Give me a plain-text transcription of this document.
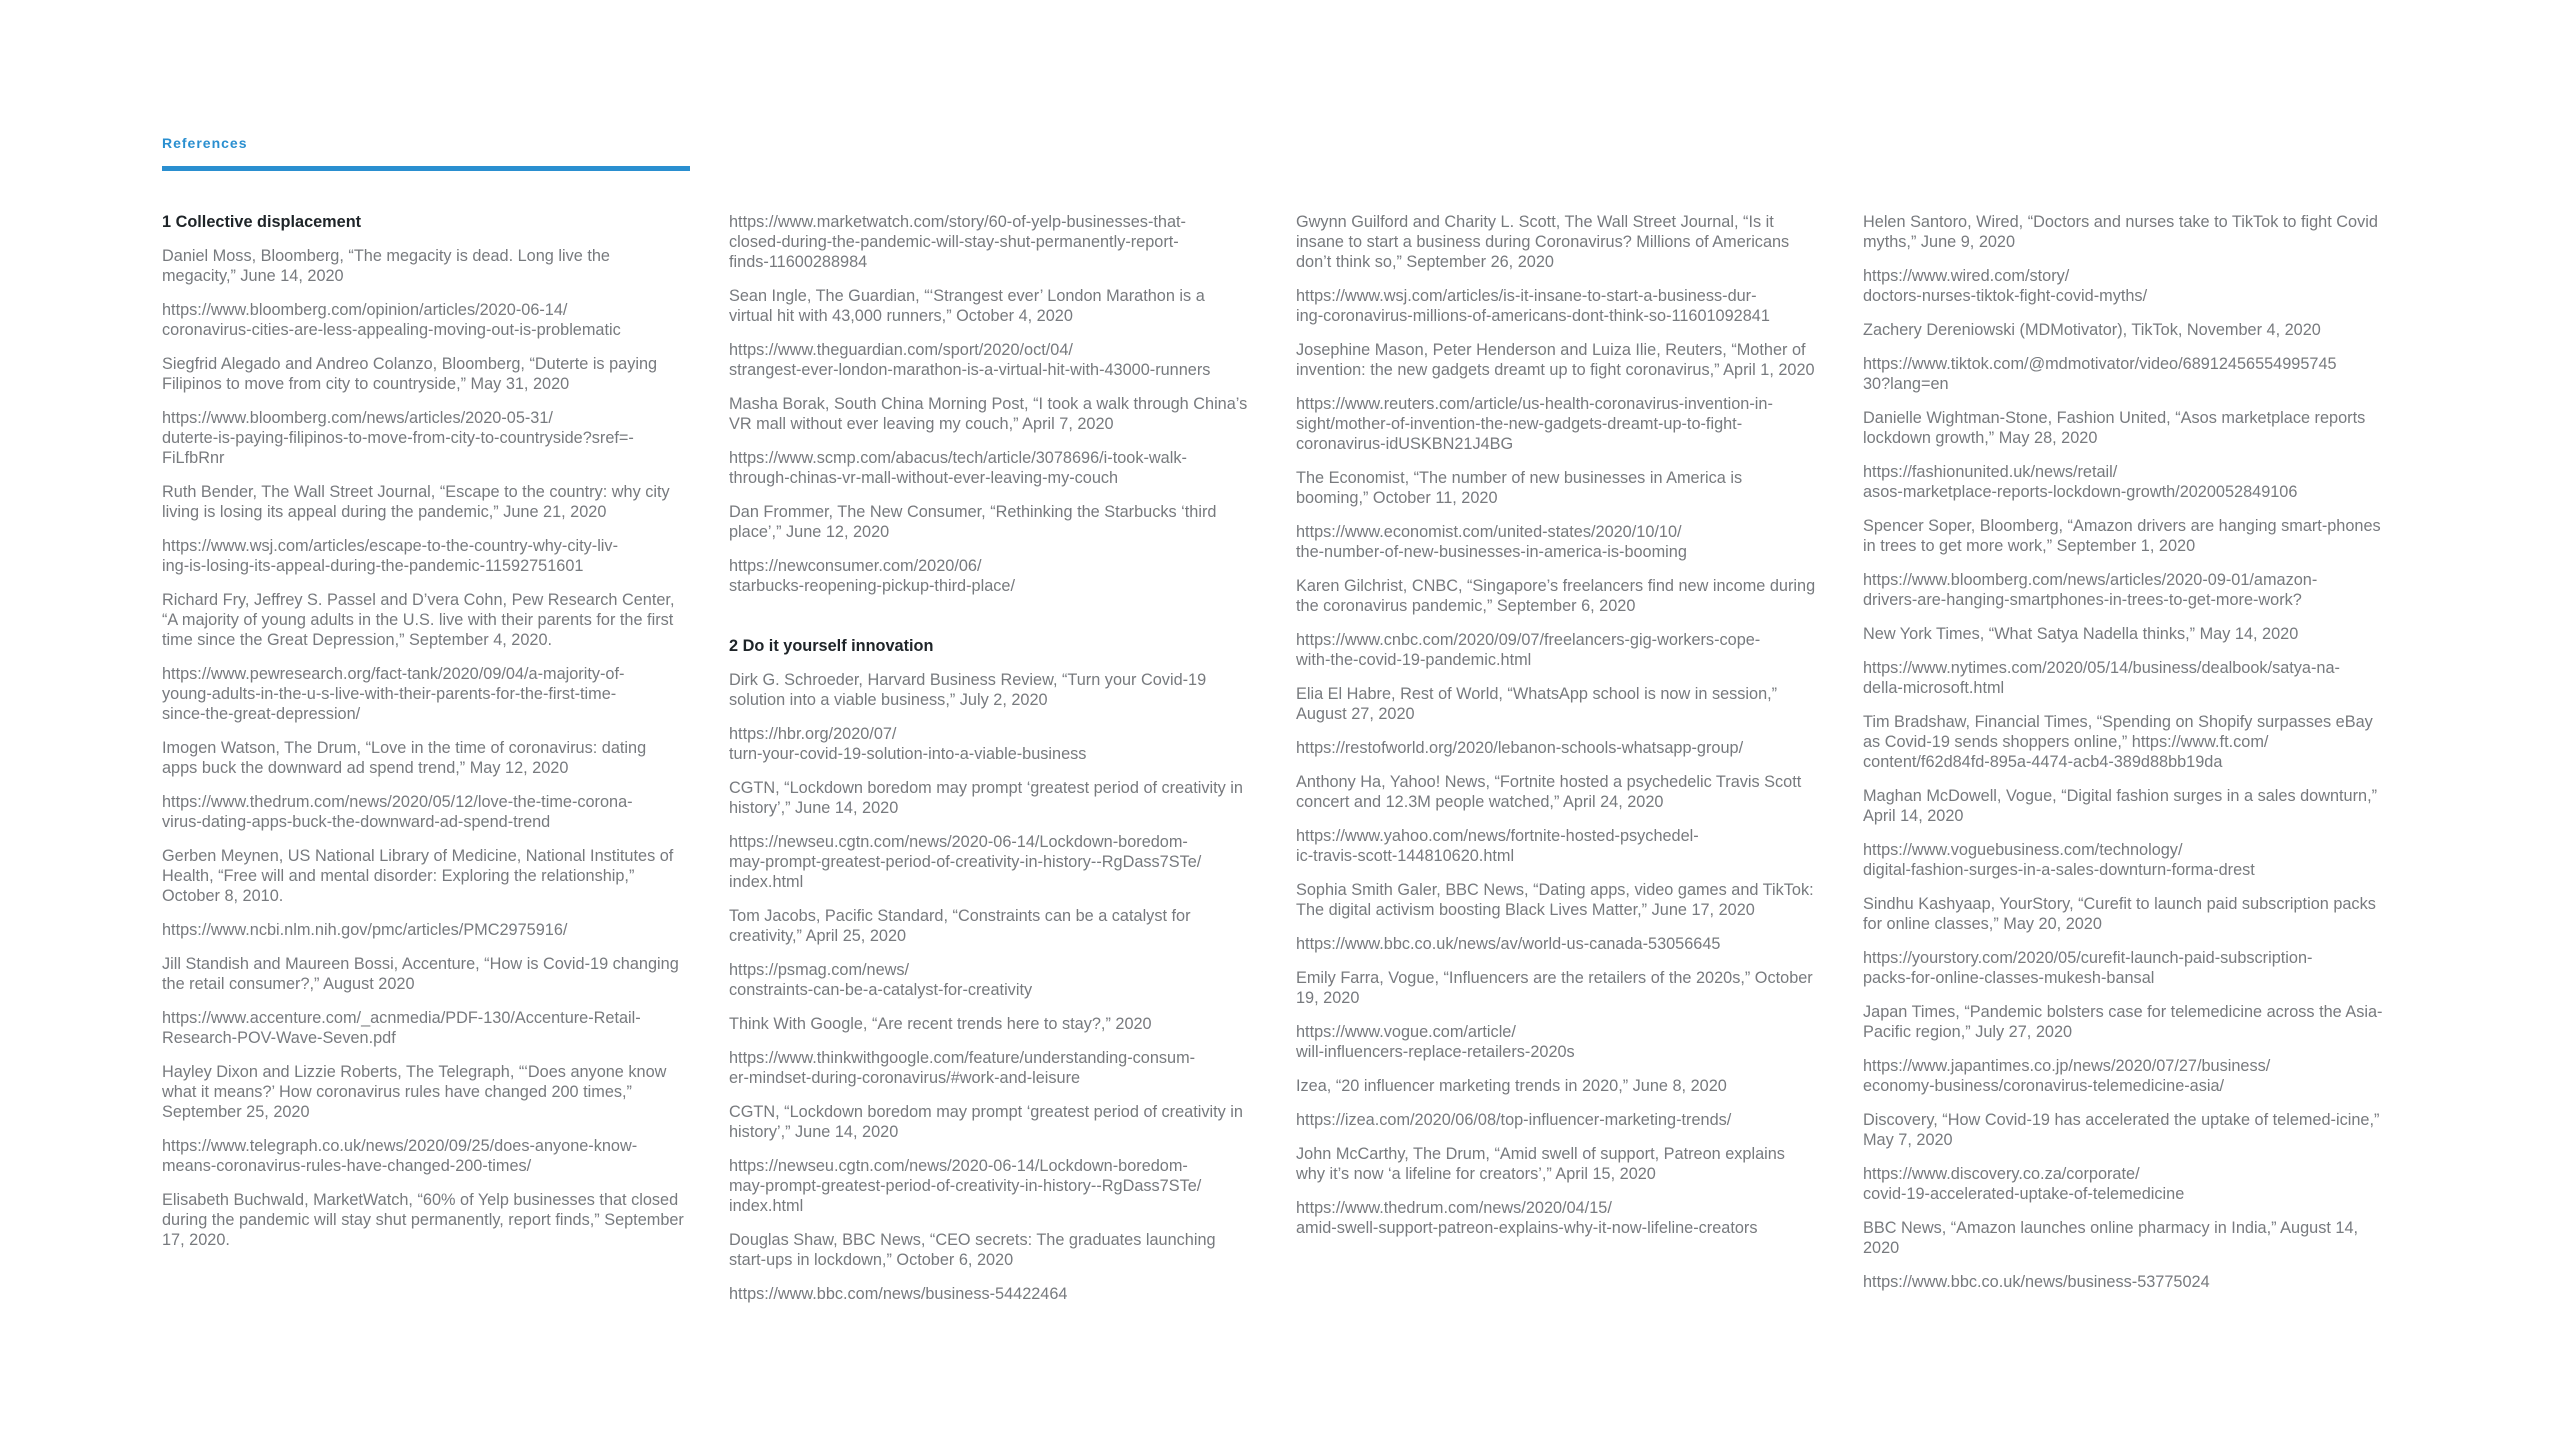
References
1 Collective displacement

Daniel Moss, Bloomberg, “The megacity is dead. Long live the megacity,” June 14, 2020

https://www.bloomberg.com/opinion/articles/2020-06-14/
coronavirus-cities-are-less-appealing-moving-out-is-problematic

Siegfrid Alegado and Andreo Colanzo, Bloomberg, “Duterte is paying Filipinos to move from city to countryside,” May 31, 2020

https://www.bloomberg.com/news/articles/2020-05-31/
duterte-is-paying-filipinos-to-move-from-city-to-countryside?sref=-
FiLfbRnr

Ruth Bender, The Wall Street Journal, “Escape to the country: why city living is losing its appeal during the pandemic,” June 21, 2020

https://www.wsj.com/articles/escape-to-the-country-why-city-liv-
ing-is-losing-its-appeal-during-the-pandemic-11592751601

Richard Fry, Jeffrey S. Passel and D’vera Cohn, Pew Research Center, “A majority of young adults in the U.S. live with their parents for the first time since the Great Depression,” September 4, 2020.

https://www.pewresearch.org/fact-tank/2020/09/04/a-majority-of-
young-adults-in-the-u-s-live-with-their-parents-for-the-first-time-
since-the-great-depression/

Imogen Watson, The Drum, “Love in the time of coronavirus: dating apps buck the downward ad spend trend,” May 12, 2020

https://www.thedrum.com/news/2020/05/12/love-the-time-corona-
virus-dating-apps-buck-the-downward-ad-spend-trend

Gerben Meynen, US National Library of Medicine, National Institutes of Health, “Free will and mental disorder: Exploring the relationship,” October 8, 2010.

https://www.ncbi.nlm.nih.gov/pmc/articles/PMC2975916/

Jill Standish and Maureen Bossi, Accenture, “How is Covid-19 changing the retail consumer?,” August 2020

https://www.accenture.com/_acnmedia/PDF-130/Accenture-Retail-
Research-POV-Wave-Seven.pdf

Hayley Dixon and Lizzie Roberts, The Telegraph, “‘Does anyone know what it means?’ How coronavirus rules have changed 200 times,” September 25, 2020

https://www.telegraph.co.uk/news/2020/09/25/does-anyone-know-
means-coronavirus-rules-have-changed-200-times/

Elisabeth Buchwald, MarketWatch, “60% of Yelp businesses that closed during the pandemic will stay shut permanently, report finds,” September 17, 2020.

https://www.marketwatch.com/story/60-of-yelp-businesses-that-
closed-during-the-pandemic-will-stay-shut-permanently-report-
finds-11600288984

Sean Ingle, The Guardian, “‘Strangest ever’ London Marathon is a virtual hit with 43,000 runners,” October 4, 2020

https://www.theguardian.com/sport/2020/oct/04/
strangest-ever-london-marathon-is-a-virtual-hit-with-43000-runners

Masha Borak, South China Morning Post, “I took a walk through China’s VR mall without ever leaving my couch,” April 7, 2020

https://www.scmp.com/abacus/tech/article/3078696/i-took-walk-
through-chinas-vr-mall-without-ever-leaving-my-couch

Dan Frommer, The New Consumer, “Rethinking the Starbucks ‘third place’,” June 12, 2020

https://newconsumer.com/2020/06/
starbucks-reopening-pickup-third-place/

2 Do it yourself innovation

Dirk G. Schroeder, Harvard Business Review, “Turn your Covid-19 solution into a viable business,” July 2, 2020

https://hbr.org/2020/07/
turn-your-covid-19-solution-into-a-viable-business

CGTN, “Lockdown boredom may prompt ‘greatest period of creativity in history’,” June 14, 2020

https://newseu.cgtn.com/news/2020-06-14/Lockdown-boredom-
may-prompt-greatest-period-of-creativity-in-history--RgDass7STe/
index.html

Tom Jacobs, Pacific Standard, “Constraints can be a catalyst for creativity,” April 25, 2020

https://psmag.com/news/
constraints-can-be-a-catalyst-for-creativity

Think With Google, “Are recent trends here to stay?,” 2020

https://www.thinkwithgoogle.com/feature/understanding-consum-
er-mindset-during-coronavirus/#work-and-leisure

CGTN, “Lockdown boredom may prompt ‘greatest period of creativity in history’,” June 14, 2020

https://newseu.cgtn.com/news/2020-06-14/Lockdown-boredom-
may-prompt-greatest-period-of-creativity-in-history--RgDass7STe/
index.html

Douglas Shaw, BBC News, “CEO secrets: The graduates launching start-ups in lockdown,” October 6, 2020

https://www.bbc.com/news/business-54422464

Gwynn Guilford and Charity L. Scott, The Wall Street Journal, “Is it insane to start a business during Coronavirus? Millions of Americans don’t think so,” September 26, 2020

https://www.wsj.com/articles/is-it-insane-to-start-a-business-dur-
ing-coronavirus-millions-of-americans-dont-think-so-11601092841

Josephine Mason, Peter Henderson and Luiza Ilie, Reuters, “Mother of invention: the new gadgets dreamt up to fight coronavirus,” April 1, 2020

https://www.reuters.com/article/us-health-coronavirus-invention-in-
sight/mother-of-invention-the-new-gadgets-dreamt-up-to-fight-
coronavirus-idUSKBN21J4BG

The Economist, “The number of new businesses in America is booming,” October 11, 2020

https://www.economist.com/united-states/2020/10/10/
the-number-of-new-businesses-in-america-is-booming

Karen Gilchrist, CNBC, “Singapore’s freelancers find new income during the coronavirus pandemic,” September 6, 2020

https://www.cnbc.com/2020/09/07/freelancers-gig-workers-cope-
with-the-covid-19-pandemic.html

Elia El Habre, Rest of World, “WhatsApp school is now in session,” August 27, 2020

https://restofworld.org/2020/lebanon-schools-whatsapp-group/

Anthony Ha, Yahoo! News, “Fortnite hosted a psychedelic Travis Scott concert and 12.3M people watched,” April 24, 2020

https://www.yahoo.com/news/fortnite-hosted-psychedel-
ic-travis-scott-144810620.html

Sophia Smith Galer, BBC News, “Dating apps, video games and TikTok: The digital activism boosting Black Lives Matter,” June 17, 2020

https://www.bbc.co.uk/news/av/world-us-canada-53056645

Emily Farra, Vogue, “Influencers are the retailers of the 2020s,” October 19, 2020

https://www.vogue.com/article/
will-influencers-replace-retailers-2020s

Izea, “20 influencer marketing trends in 2020,” June 8, 2020

https://izea.com/2020/06/08/top-influencer-marketing-trends/

John McCarthy, The Drum, “Amid swell of support, Patreon explains why it’s now ‘a lifeline for creators’,” April 15, 2020

https://www.thedrum.com/news/2020/04/15/
amid-swell-support-patreon-explains-why-it-now-lifeline-creators

Helen Santoro, Wired, “Doctors and nurses take to TikTok to fight Covid myths,” June 9, 2020

https://www.wired.com/story/
doctors-nurses-tiktok-fight-covid-myths/

Zachery Dereniowski (MDMotivator), TikTok, November 4, 2020

https://www.tiktok.com/@mdmotivator/video/68912456554995745
30?lang=en

Danielle Wightman-Stone, Fashion United, “Asos marketplace reports lockdown growth,” May 28, 2020

https://fashionunited.uk/news/retail/
asos-marketplace-reports-lockdown-growth/2020052849106

Spencer Soper, Bloomberg, “Amazon drivers are hanging smart-phones in trees to get more work,” September 1, 2020

https://www.bloomberg.com/news/articles/2020-09-01/amazon-
drivers-are-hanging-smartphones-in-trees-to-get-more-work?

New York Times, “What Satya Nadella thinks,” May 14, 2020

https://www.nytimes.com/2020/05/14/business/dealbook/satya-na-
della-microsoft.html

Tim Bradshaw, Financial Times, “Spending on Shopify surpasses eBay as Covid-19 sends shoppers online,” https://www.ft.com/
content/f62d84fd-895a-4474-acb4-389d88bb19da

Maghan McDowell, Vogue, “Digital fashion surges in a sales downturn,” April 14, 2020

https://www.voguebusiness.com/technology/
digital-fashion-surges-in-a-sales-downturn-forma-drest

Sindhu Kashyaap, YourStory, “Curefit to launch paid subscription packs for online classes,” May 20, 2020

https://yourstory.com/2020/05/curefit-launch-paid-subscription-
packs-for-online-classes-mukesh-bansal

Japan Times, “Pandemic bolsters case for telemedicine across the Asia-Pacific region,” July 27, 2020

https://www.japantimes.co.jp/news/2020/07/27/business/
economy-business/coronavirus-telemedicine-asia/

Discovery, “How Covid-19 has accelerated the uptake of telemed-icine,” May 7, 2020

https://www.discovery.co.za/corporate/
covid-19-accelerated-uptake-of-telemedicine

BBC News, “Amazon launches online pharmacy in India,” August 14, 2020

https://www.bbc.co.uk/news/business-53775024
